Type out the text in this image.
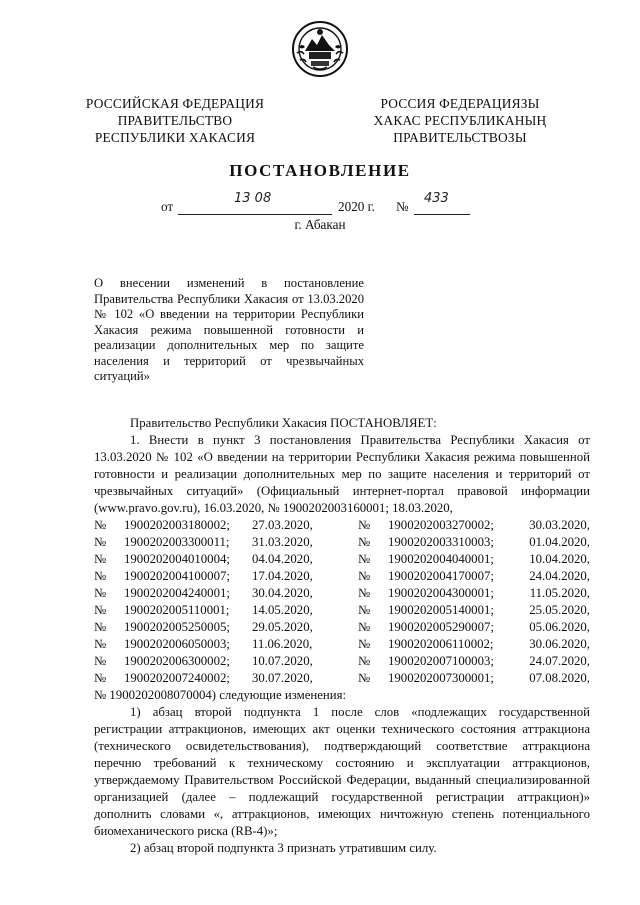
РОССИЙСКАЯ ФЕДЕРАЦИЯ
ПРАВИТЕЛЬСТВО
РЕСПУБЛИКИ ХАКАСИЯ
РОССИЯ ФЕДЕРАЦИЯЗЫ
ХАКАС РЕСПУБЛИКАНЫҢ
ПРАВИТЕЛЬСТВОЗЫ
ПОСТАНОВЛЕНИЕ
от
13 08
2020 г. №
433
г. Абакан
О внесении изменений в постановление Правительства Республики Хакасия от 13.03.2020 № 102 «О введении на территории Республики Хакасия режима повышенной готовности и реализации дополнительных мер по защите населения и территорий от чрезвычайных ситуаций»
Правительство Республики Хакасия ПОСТАНОВЛЯЕТ:
1. Внести в пункт 3 постановления Правительства Республики Хакасия от 13.03.2020 № 102 «О введении на территории Республики Хакасия режима повышенной готовности и реализации дополнительных мер по защите населения и территорий от чрезвычайных ситуаций» (Официальный интернет-портал правовой информации (www.pravo.gov.ru), 16.03.2020, № 1900202003160001; 18.03.2020,
№	1900202003180002;	27.03.2020,	№	1900202003270002;	30.03.2020,
№	1900202003300011;	31.03.2020,	№	1900202003310003;	01.04.2020,
№	1900202004010004;	04.04.2020,	№	1900202004040001;	10.04.2020,
№	1900202004100007;	17.04.2020,	№	1900202004170007;	24.04.2020,
№	1900202004240001;	30.04.2020,	№	1900202004300001;	11.05.2020,
№	1900202005110001;	14.05.2020,	№	1900202005140001;	25.05.2020,
№	1900202005250005;	29.05.2020,	№	1900202005290007;	05.06.2020,
№	1900202006050003;	11.06.2020,	№	1900202006110002;	30.06.2020,
№	1900202006300002;	10.07.2020,	№	1900202007100003;	24.07.2020,
№	1900202007240002;	30.07.2020,	№	1900202007300001;	07.08.2020,
№ 1900202008070004) следующие изменения:
1) абзац второй подпункта 1 после слов «подлежащих государственной регистрации аттракционов, имеющих акт оценки технического состояния аттракциона (технического освидетельствования), подтверждающий соответствие аттракциона перечню требований к техническому состоянию и эксплуатации аттракционов, утверждаемому Правительством Российской Федерации, выданный специализированной организацией (далее – подлежащий государственной регистрации аттракцион)» дополнить словами «, аттракционов, имеющих ничтожную степень потенциального биомеханического риска (RB-4)»;
2) абзац второй подпункта 3 признать утратившим силу.
